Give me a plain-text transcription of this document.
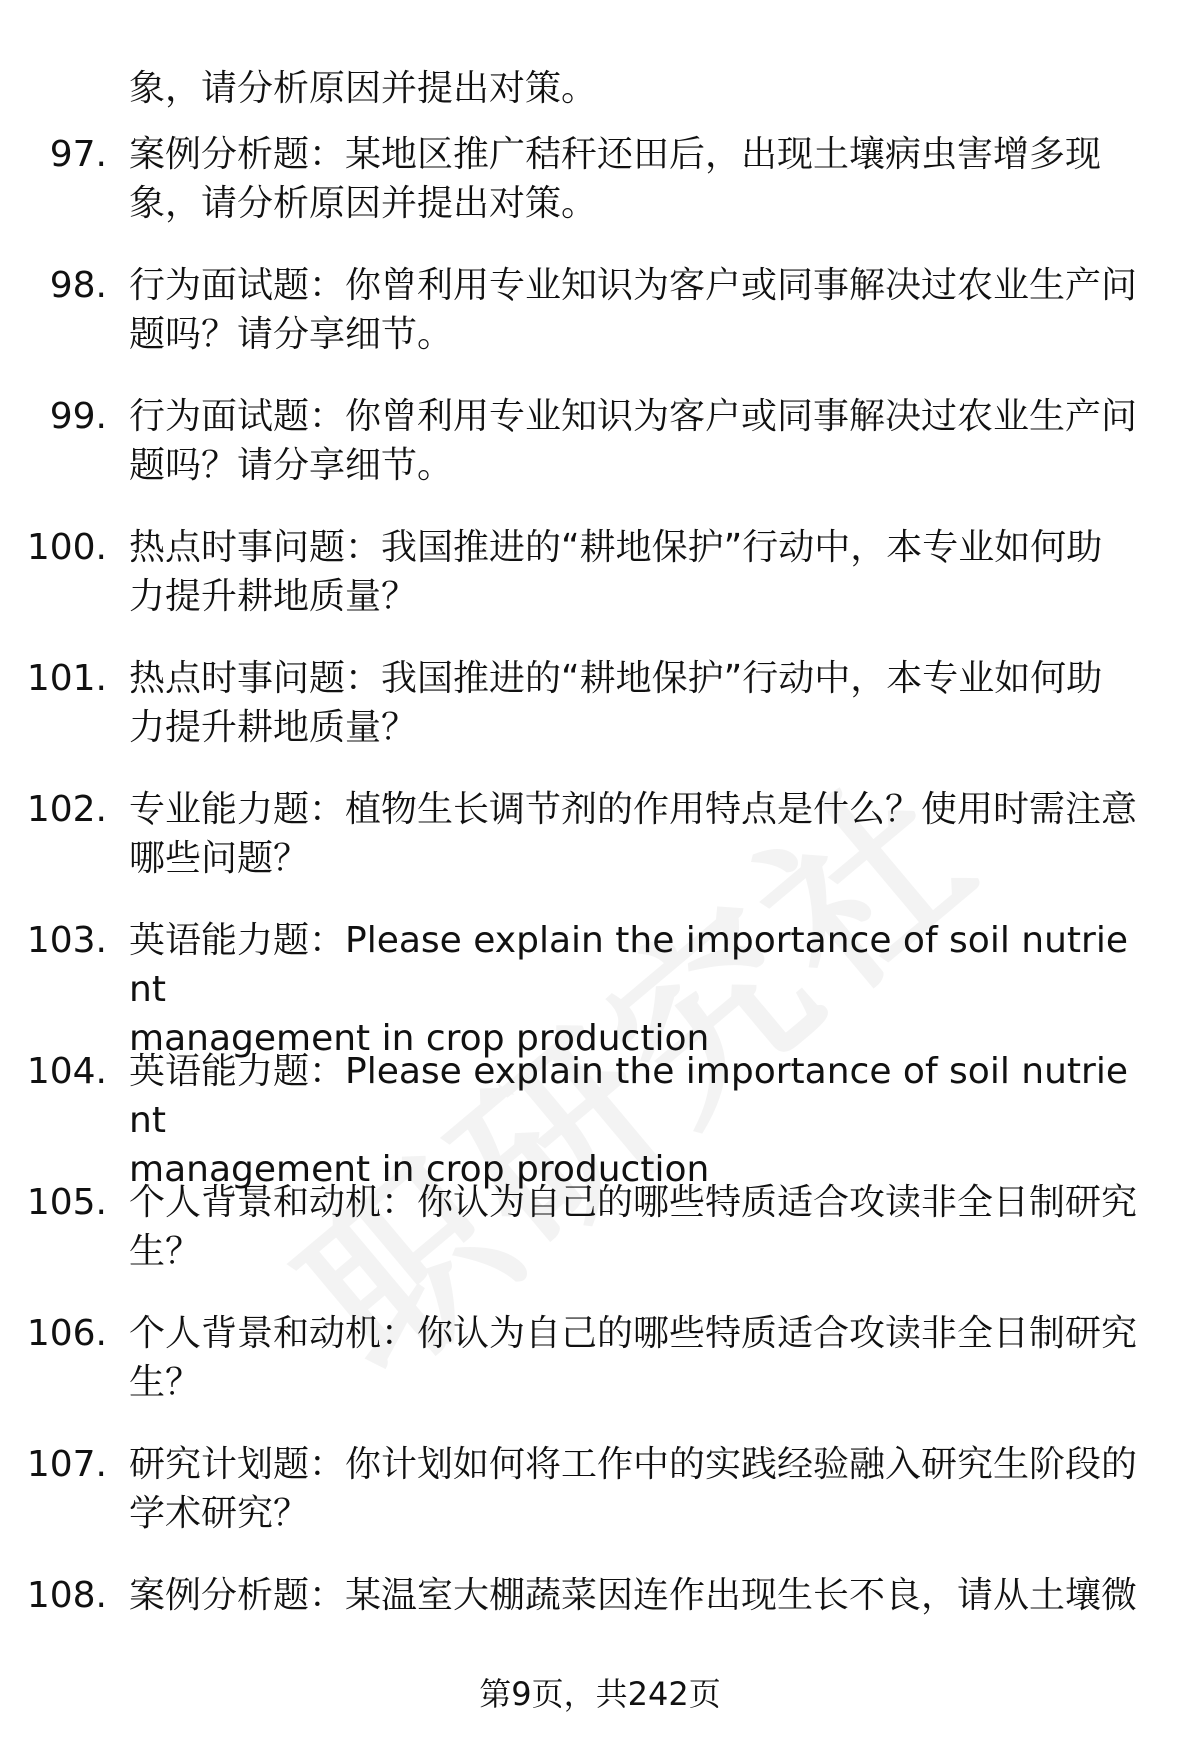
象，请分析原因并提出对策。
97. 案例分析题：某地区推广秸秆还田后，出现土壤病虫害增多现
象，请分析原因并提出对策。
98. 行为面试题：你曾利用专业知识为客户或同事解决过农业生产问
题吗？请分享细节。
99. 行为面试题：你曾利用专业知识为客户或同事解决过农业生产问
题吗？请分享细节。
100. 热点时事问题：我国推进的“耕地保护”行动中，本专业如何助
力提升耕地质量？
101. 热点时事问题：我国推进的“耕地保护”行动中，本专业如何助
力提升耕地质量？
102. 专业能力题：植物生长调节剂的作用特点是什么？使用时需注意
哪些问题？
103. 英语能力题：Please explain the importance of soil nutrient
management in crop production
104. 英语能力题：Please explain the importance of soil nutrient
management in crop production
105. 个人背景和动机：你认为自己的哪些特质适合攻读非全日制研究
生？
106. 个人背景和动机：你认为自己的哪些特质适合攻读非全日制研究
生？
107. 研究计划题：你计划如何将工作中的实践经验融入研究生阶段的
学术研究？
108. 案例分析题：某温室大棚蔬菜因连作出现生长不良，请从土壤微
第9页，共242页
